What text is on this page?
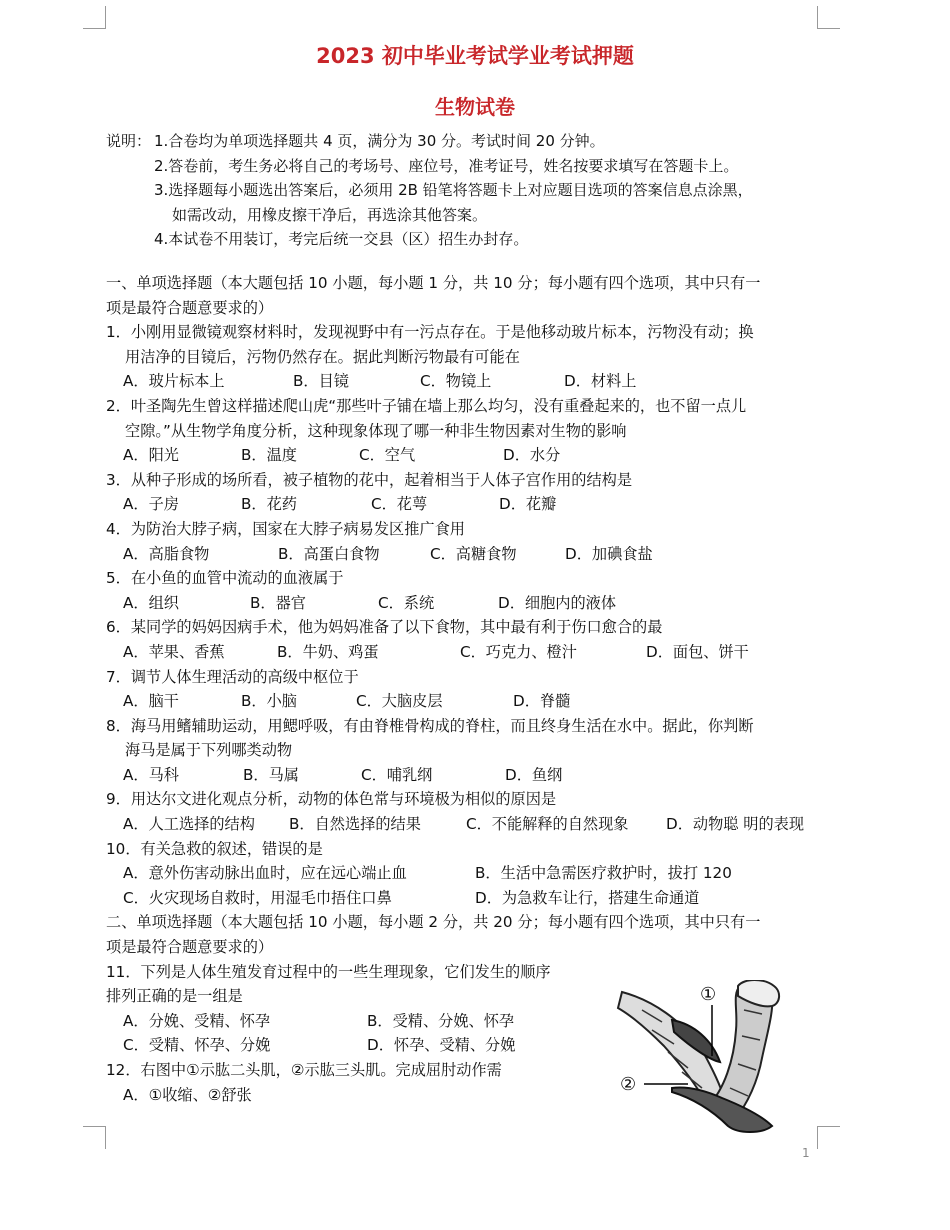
2023 初中毕业考试学业考试押题
生物试卷
说明： 1.合卷均为单项选择题共 4 页，满分为 30 分。考试时间 20 分钟。
2.答卷前，考生务必将自己的考场号、座位号，准考证号，姓名按要求填写在答题卡上。
3.选择题每小题选出答案后，必须用 2B 铅笔将答题卡上对应题目选项的答案信息点涂黑，
如需改动，用橡皮擦干净后，再选涂其他答案。
4.本试卷不用装订，考完后统一交县（区）招生办封存。
一、单项选择题（本大题包括 10 小题，每小题 1 分，共 10 分；每小题有四个选项，其中只有一
项是最符合题意要求的）
1．小刚用显微镜观察材料时，发现视野中有一污点存在。于是他移动玻片标本，污物没有动；换
用洁净的目镜后，污物仍然存在。据此判断污物最有可能在
A．玻片标本上	B．目镜	C．物镜上	D．材料上
2．叶圣陶先生曾这样描述爬山虎“那些叶子铺在墙上那么均匀，没有重叠起来的，也不留一点儿
空隙。”从生物学角度分析，这种现象体现了哪一种非生物因素对生物的影响
A．阳光	B．温度	C．空气	D．水分
3．从种子形成的场所看，被子植物的花中，起着相当于人体子宫作用的结构是
A．子房	B．花药	C．花萼	D．花瓣
4．为防治大脖子病，国家在大脖子病易发区推广食用
A．高脂食物	B．高蛋白食物	C．高糖食物	D．加碘食盐
5．在小鱼的血管中流动的血液属于
A．组织	B．器官	C．系统	D．细胞内的液体
6．某同学的妈妈因病手术，他为妈妈准备了以下食物，其中最有利于伤口愈合的最
A．苹果、香蕉	B．牛奶、鸡蛋	C．巧克力、橙汁	D．面包、饼干
7．调节人体生理活动的高级中枢位于
A．脑干	B．小脑	C．大脑皮层	D．脊髓
8．海马用鳍辅助运动，用鳃呼吸，有由脊椎骨构成的脊柱，而且终身生活在水中。据此，你判断
海马是属于下列哪类动物
A．马科	B．马属	C．哺乳纲	D．鱼纲
9．用达尔文进化观点分析，动物的体色常与环境极为相似的原因是
A．人工选择的结构	B．自然选择的结果	C．不能解释的自然现象	D．动物聪 明的表现
10．有关急救的叙述，错误的是
A．意外伤害动脉出血时，应在远心端止血	B．生活中急需医疗救护时，拔打 120
C．火灾现场自救时，用湿毛巾捂住口鼻	D．为急救车让行，搭建生命通道
二、单项选择题（本大题包括 10 小题，每小题 2 分，共 20 分；每小题有四个选项，其中只有一
项是最符合题意要求的）
11．下列是人体生殖发育过程中的一些生理现象，它们发生的顺序
排列正确的是一组是
A．分娩、受精、怀孕	B．受精、分娩、怀孕
C．受精、怀孕、分娩	D．怀孕、受精、分娩
12．右图中①示肱二头肌，②示肱三头肌。完成屈肘动作需
A．①收缩、②舒张
①
②
1
